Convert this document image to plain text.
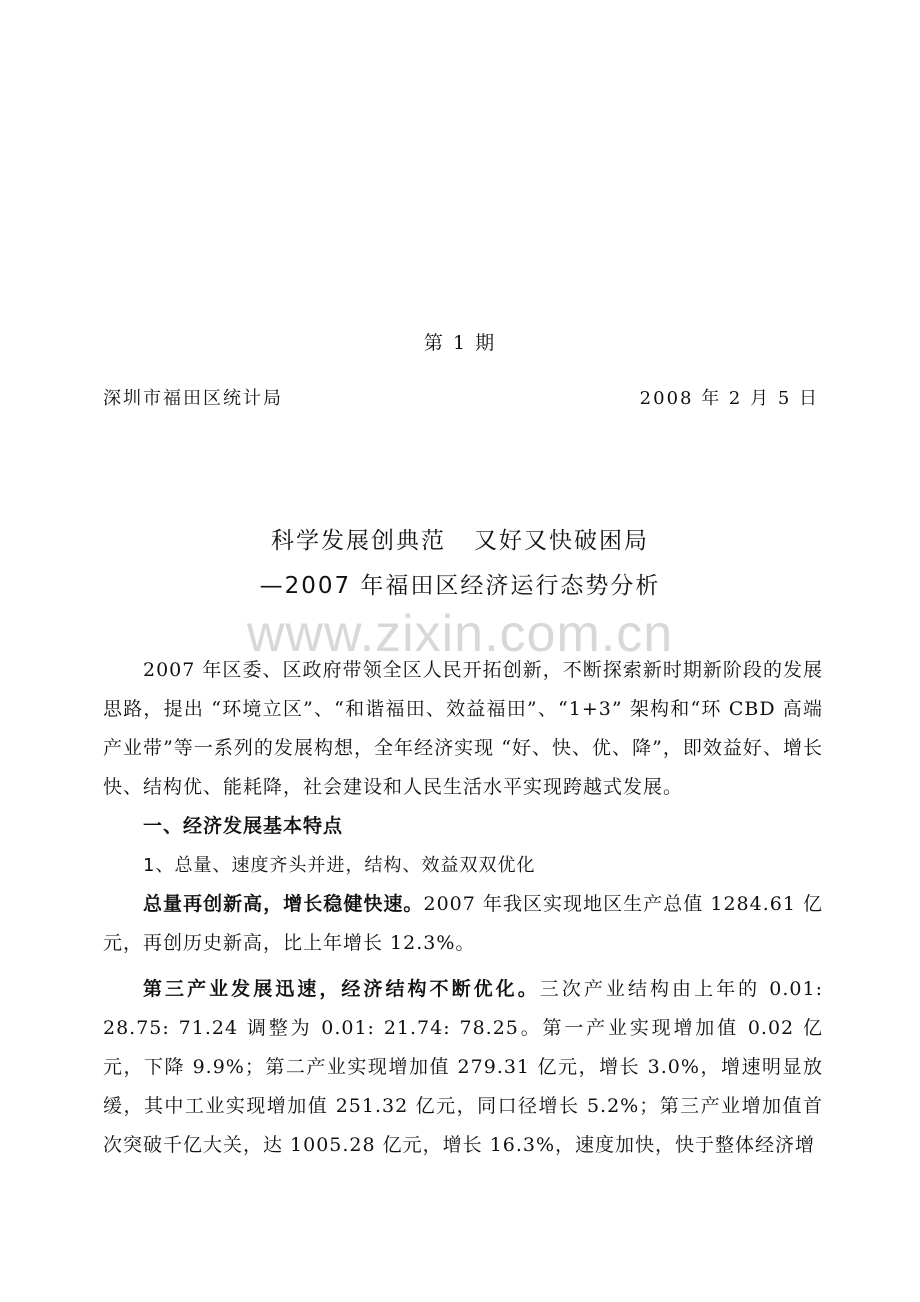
第 1 期
深圳市福田区统计局	2008 年 2 月 5 日
科学发展创典范   又好又快破困局
—2007 年福田区经济运行态势分析
www.zixin.com.cn

2007 年区委、区政府带领全区人民开拓创新，不断探索新时期新阶段的发展思路，提出 “环境立区”、“和谐福田、效益福田”、“1+3” 架构和“环 CBD 高端产业带”等一系列的发展构想，全年经济实现 “好、快、优、降”，即效益好、增长快、结构优、能耗降，社会建设和人民生活水平实现跨越式发展。

一、经济发展基本特点

1、总量、速度齐头并进，结构、效益双双优化

总量再创新高，增长稳健快速。2007 年我区实现地区生产总值 1284.61 亿元，再创历史新高，比上年增长 12.3%。

第三产业发展迅速，经济结构不断优化。三次产业结构由上年的 0.01: 28.75: 71.24 调整为 0.01: 21.74: 78.25。第一产业实现增加值 0.02 亿元，下降 9.9%；第二产业实现增加值 279.31 亿元，增长 3.0%，增速明显放缓，其中工业实现增加值 251.32 亿元，同口径增长 5.2%；第三产业增加值首次突破千亿大关，达 1005.28 亿元，增长 16.3%，速度加快，快于整体经济增
